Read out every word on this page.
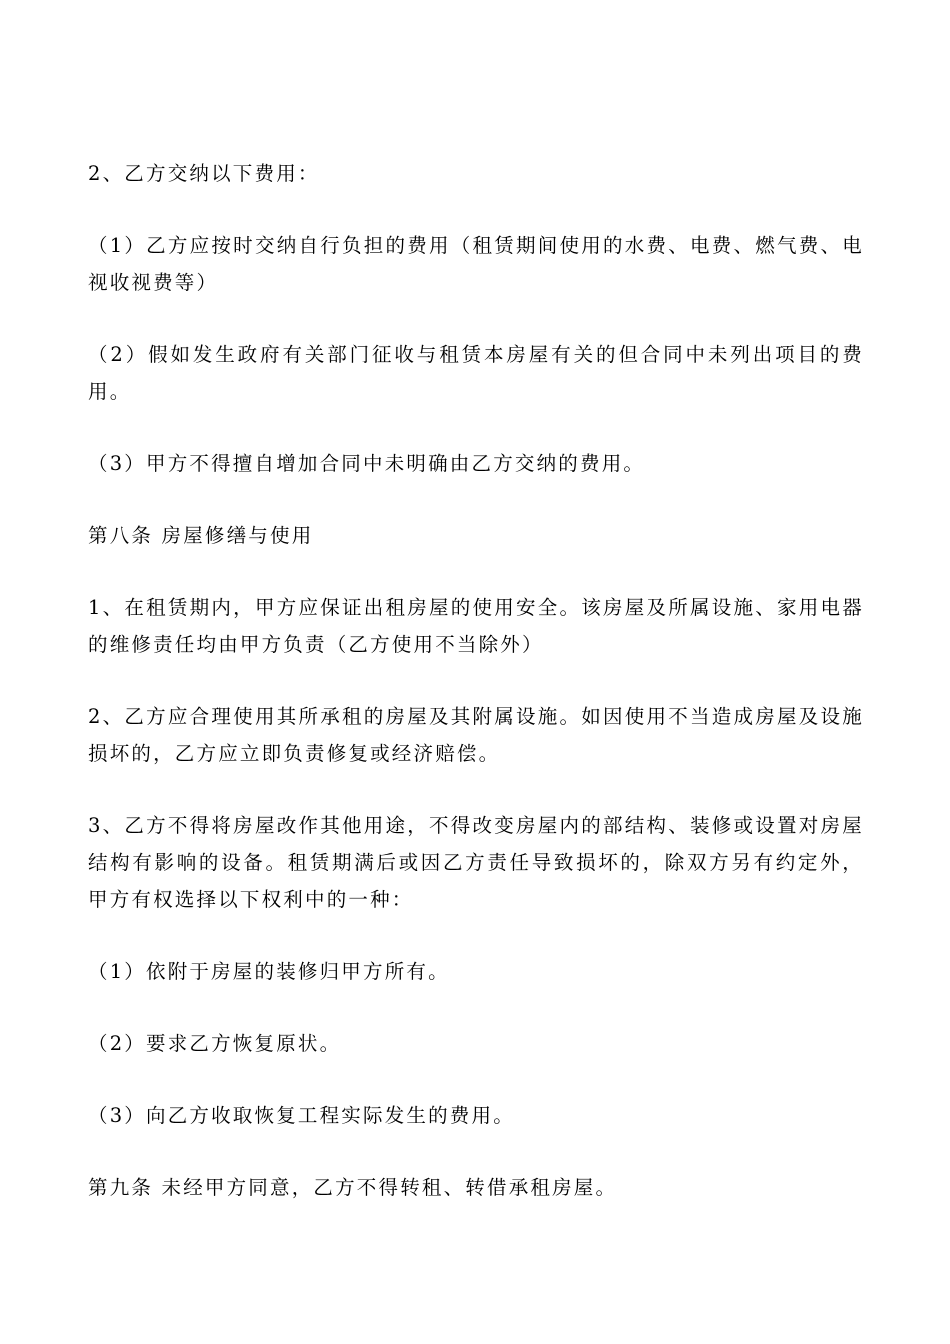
2、乙方交纳以下费用：

（1）乙方应按时交纳自行负担的费用（租赁期间使用的水费、电费、燃气费、电视收视费等）

（2）假如发生政府有关部门征收与租赁本房屋有关的但合同中未列出项目的费用。

（3）甲方不得擅自增加合同中未明确由乙方交纳的费用。

第八条 房屋修缮与使用

1、在租赁期内，甲方应保证出租房屋的使用安全。该房屋及所属设施、家用电器的维修责任均由甲方负责（乙方使用不当除外）

2、乙方应合理使用其所承租的房屋及其附属设施。如因使用不当造成房屋及设施损坏的，乙方应立即负责修复或经济赔偿。

3、乙方不得将房屋改作其他用途，不得改变房屋内的部结构、装修或设置对房屋结构有影响的设备。租赁期满后或因乙方责任导致损坏的，除双方另有约定外，甲方有权选择以下权利中的一种：

（1）依附于房屋的装修归甲方所有。

（2）要求乙方恢复原状。

（3）向乙方收取恢复工程实际发生的费用。

第九条 未经甲方同意，乙方不得转租、转借承租房屋。
